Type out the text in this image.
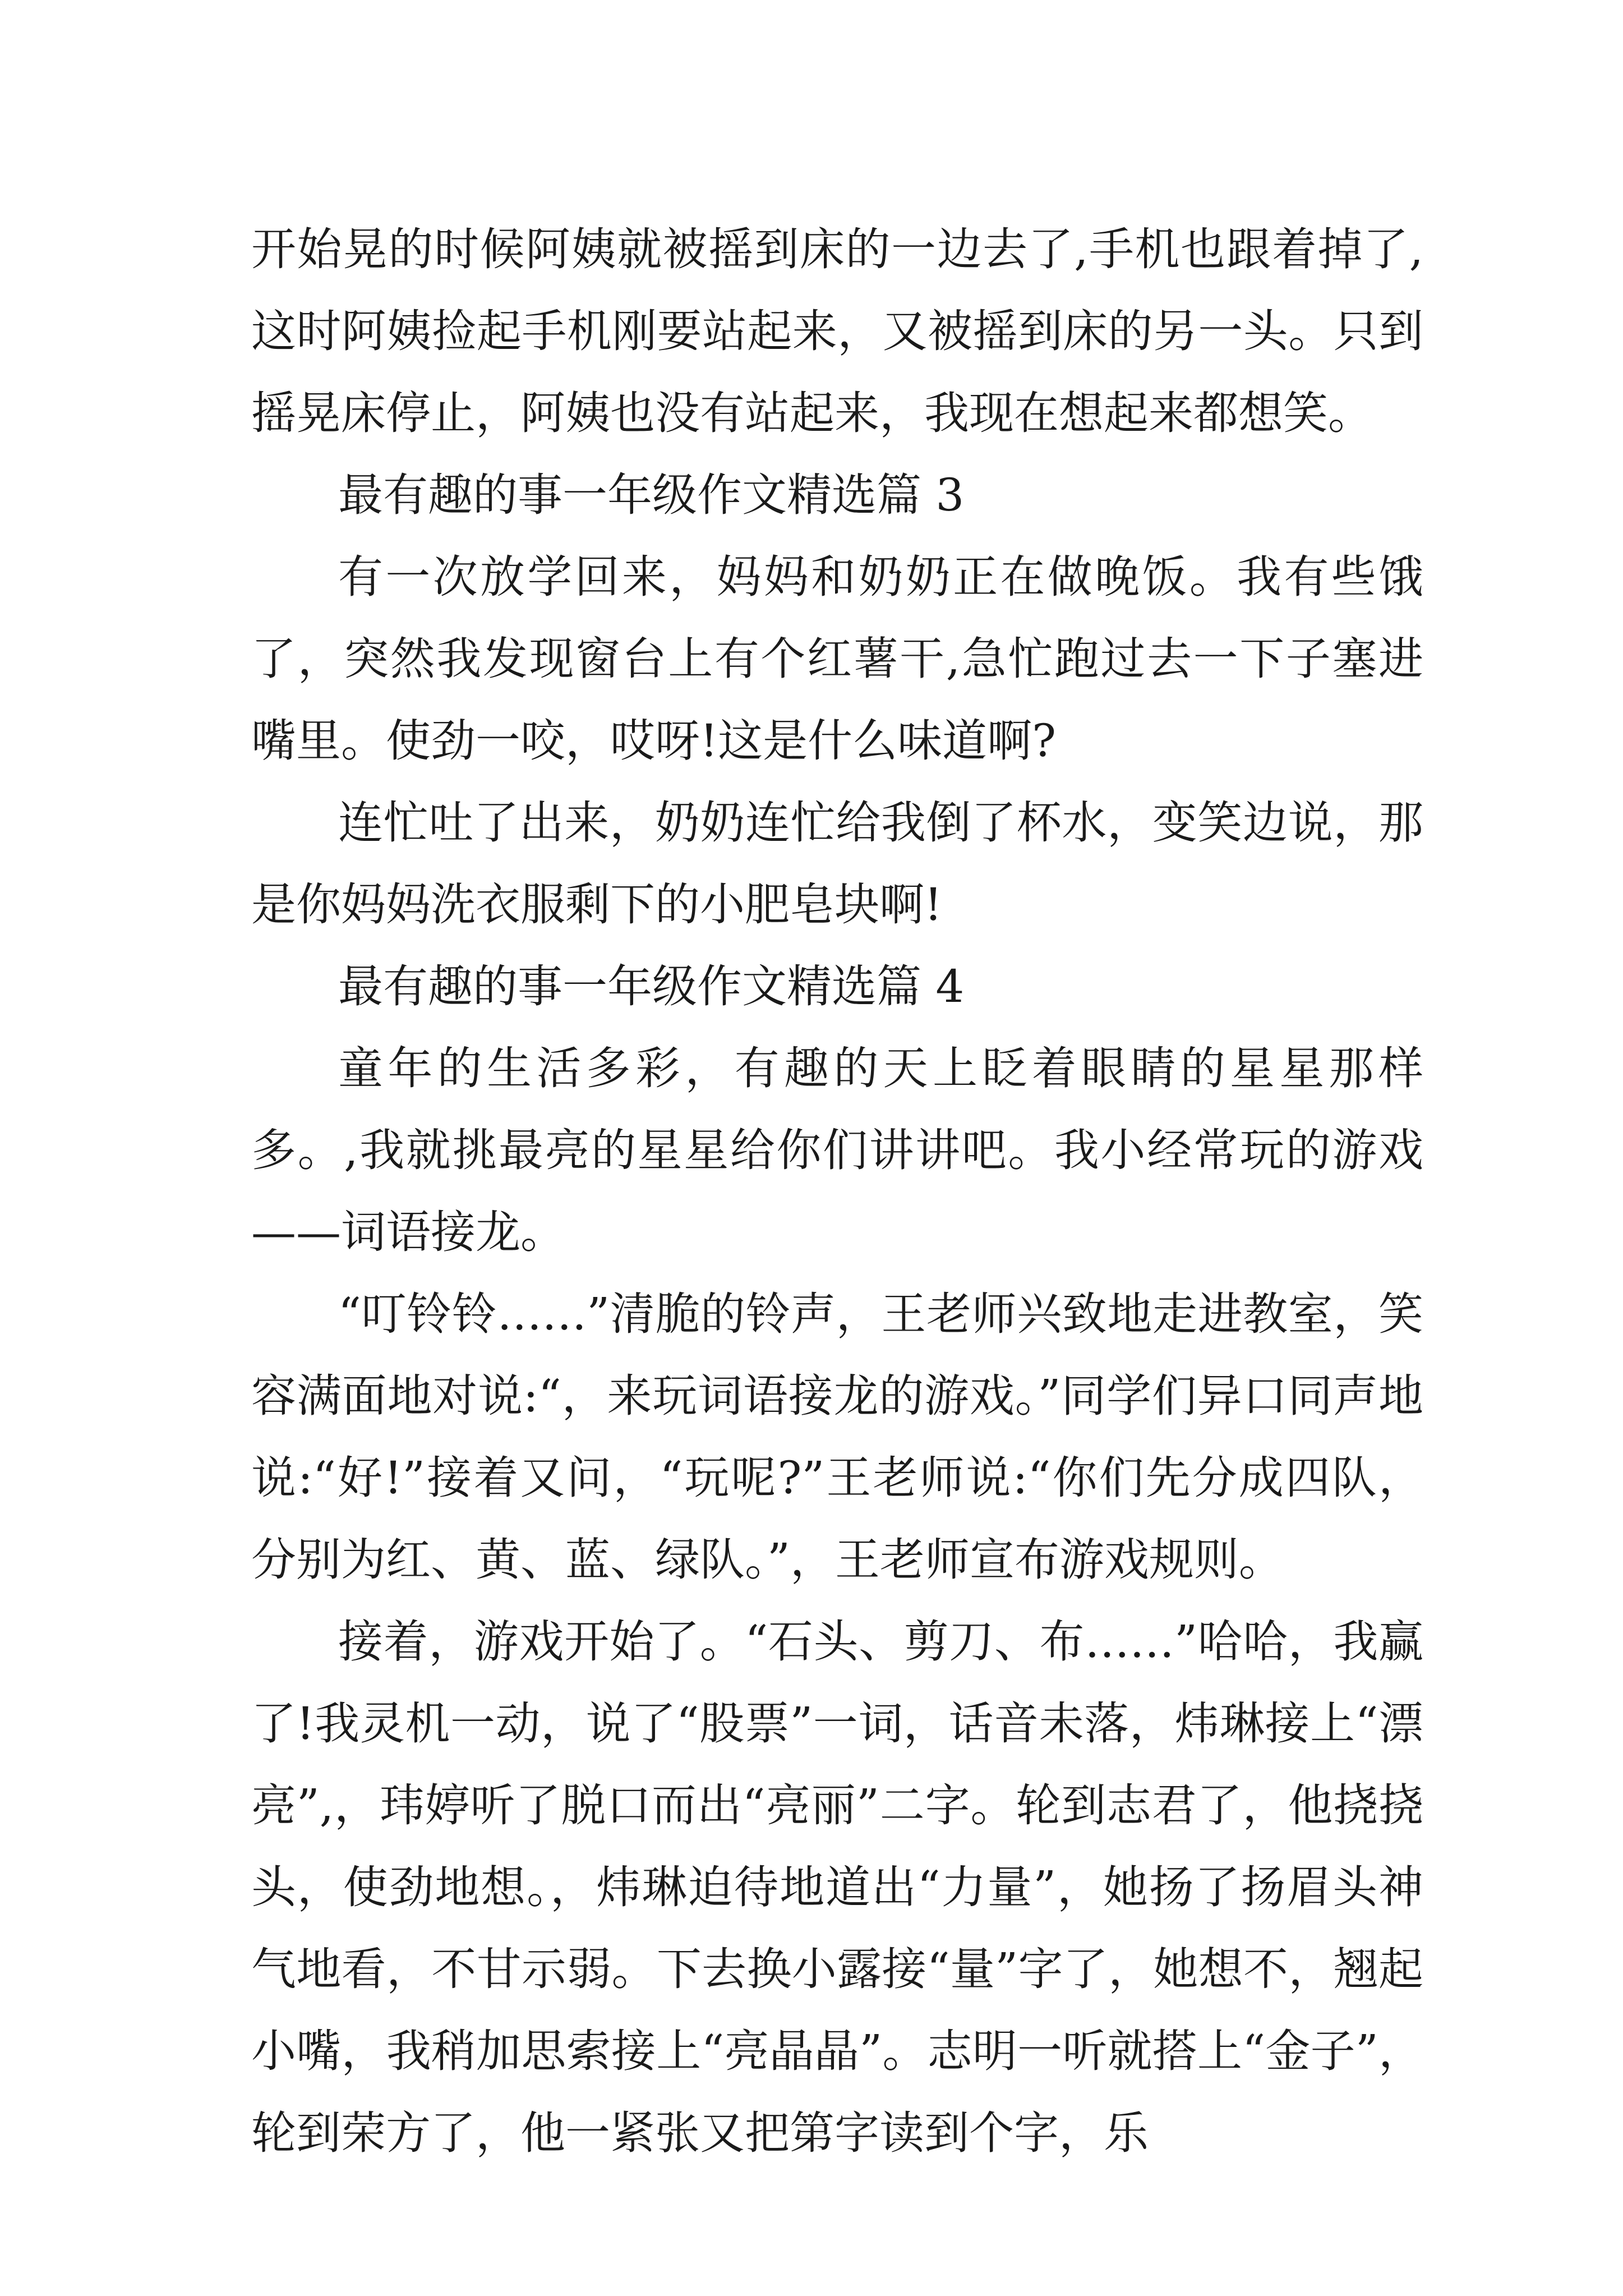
开始晃的时候阿姨就被摇到床的一边去了,手机也跟着掉了,这时阿姨捡起手机刚要站起来，又被摇到床的另一头。只到摇晃床停止，阿姨也没有站起来，我现在想起来都想笑。

最有趣的事一年级作文精选篇 3

有一次放学回来，妈妈和奶奶正在做晚饭。我有些饿了，突然我发现窗台上有个红薯干,急忙跑过去一下子塞进嘴里。使劲一咬，哎呀!这是什么味道啊?

连忙吐了出来，奶奶连忙给我倒了杯水，变笑边说，那是你妈妈洗衣服剩下的小肥皂块啊!

最有趣的事一年级作文精选篇 4

童年的生活多彩，有趣的天上眨着眼睛的星星那样多。,我就挑最亮的星星给你们讲讲吧。我小经常玩的游戏——词语接龙。

“叮铃铃……”清脆的铃声，王老师兴致地走进教室，笑容满面地对说:“，来玩词语接龙的游戏。”同学们异口同声地说:“好!”接着又问，“玩呢?”王老师说:“你们先分成四队，分别为红、黄、蓝、绿队。”，王老师宣布游戏规则。

接着，游戏开始了。“石头、剪刀、布……”哈哈，我赢了!我灵机一动，说了“股票”一词，话音未落，炜琳接上“漂亮”,，玮婷听了脱口而出“亮丽”二字。轮到志君了，他挠挠头，使劲地想。，炜琳迫待地道出“力量”，她扬了扬眉头神气地看，不甘示弱。下去换小露接“量”字了，她想不，翘起小嘴，我稍加思索接上“亮晶晶”。志明一听就搭上“金子”，轮到荣方了，他一紧张又把第字读到个字，乐
